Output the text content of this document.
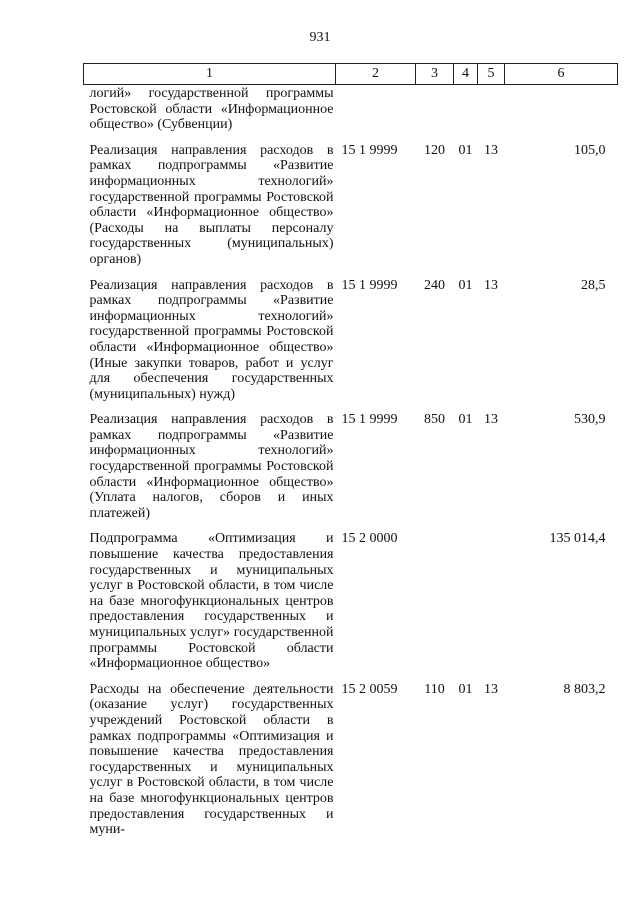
931
1	2	3	4	5	6
логий» государственной программы Ростовской области «Информационное общество» (Субвенции)					
Реализация направления расходов в рамках подпрограммы «Развитие информационных технологий» государственной программы Ростовской области «Информационное общество» (Расходы на выплаты персоналу государственных (муниципальных) органов)	15 1 9999	120	01	13	105,0
Реализация направления расходов в рамках подпрограммы «Развитие информационных технологий» государственной программы Ростовской области «Информационное общество» (Иные закупки товаров, работ и услуг для обеспечения государственных (муниципальных) нужд)	15 1 9999	240	01	13	28,5
Реализация направления расходов в рамках подпрограммы «Развитие информационных технологий» государственной программы Ростовской области «Информационное общество» (Уплата налогов, сборов и иных платежей)	15 1 9999	850	01	13	530,9
Подпрограмма «Оптимизация и повышение качества предоставления государственных и муниципальных услуг в Ростовской области, в том числе на базе многофункциональных центров предоставления государственных и муниципальных услуг» государственной программы Ростовской области «Информационное общество»	15 2 0000				135 014,4
Расходы на обеспечение деятельности (оказание услуг) государственных учреждений Ростовской области в рамках подпрограммы «Оптимизация и повышение качества предоставления государственных и муниципальных услуг в Ростовской области, в том числе на базе многофункциональных центров предоставления государственных и муни-	15 2 0059	110	01	13	8 803,2
